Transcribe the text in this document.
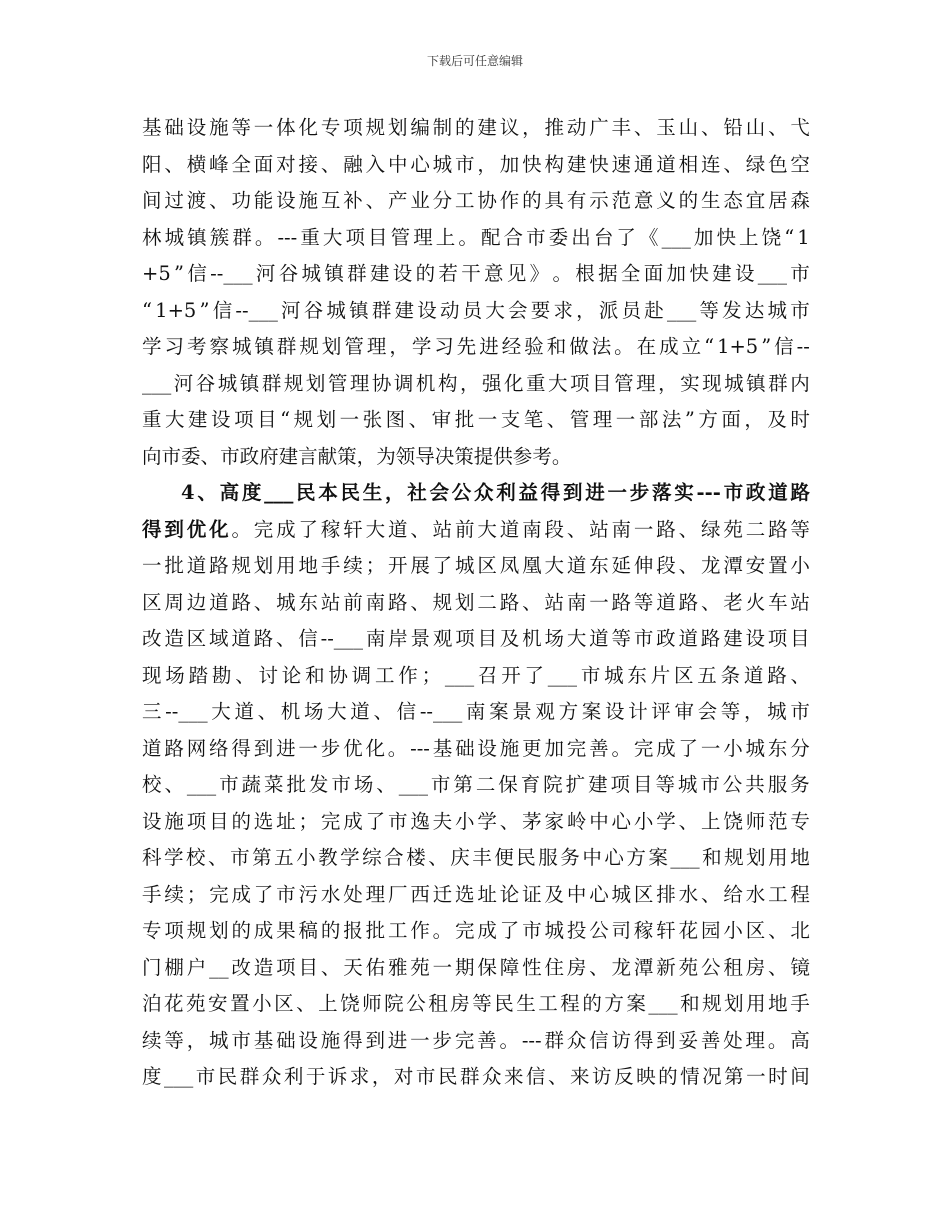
下载后可任意编辑
基 础 设 施 等 一 体 化 专 项 规 划 编 制 的 建 议 ， 推 动 广 丰 、 玉 山 、 铅 山 、 弋
阳 、 横 峰 全 面 对 接 、 融 入 中 心 城 市 ， 加 快 构 建 快 速 通 道 相 连 、 绿 色 空
间 过 渡 、 功 能 设 施 互 补 、 产 业 分 工 协 作 的 具 有 示 范 意 义 的 生 态 宜 居 森
林 城 镇 簇 群 。 --- 重 大 项 目 管 理 上 。 配 合 市 委 出 台 了 《 ___ 加 快 上 饶 “ 1
+5 ” 信 --___ 河 谷 城 镇 群 建 设 的 若 干 意 见 》 。 根 据 全 面 加 快 建 设 ___ 市
“ 1+5 ” 信 --___ 河 谷 城 镇 群 建 设 动 员 大 会 要 求 ， 派 员 赴 ___ 等 发 达 城 市
学 习 考 察 城 镇 群 规 划 管 理 ， 学 习 先 进 经 验 和 做 法 。 在 成 立 “ 1+5 ” 信 --
___ 河 谷 城 镇 群 规 划 管 理 协 调 机 构 ， 强 化 重 大 项 目 管 理 ， 实 现 城 镇 群 内
重 大 建 设 项 目 “ 规 划 一 张 图 、 审 批 一 支 笔 、 管 理 一 部 法 ” 方 面 ， 及 时
向 市 委 、 市 政 府 建 言 献 策 ， 为 领 导 决 策 提 供 参 考 。
4 、 高 度 ___ 民 本 民 生 ， 社 会 公 众 利 益 得 到 进 一 步 落 实 --- 市 政 道 路
得 到 优 化 。 完 成 了 稼 轩 大 道 、 站 前 大 道 南 段 、 站 南 一 路 、 绿 苑 二 路 等
一 批 道 路 规 划 用 地 手 续 ； 开 展 了 城 区 凤 凰 大 道 东 延 伸 段 、 龙 潭 安 置 小
区 周 边 道 路 、 城 东 站 前 南 路 、 规 划 二 路 、 站 南 一 路 等 道 路 、 老 火 车 站
改 造 区 域 道 路 、 信 --___ 南 岸 景 观 项 目 及 机 场 大 道 等 市 政 道 路 建 设 项 目
现 场 踏 勘 、 讨 论 和 协 调 工 作 ； ___ 召 开 了 ___ 市 城 东 片 区 五 条 道 路 、
三 --___ 大 道 、 机 场 大 道 、 信 --___ 南 案 景 观 方 案 设 计 评 审 会 等 ， 城 市
道 路 网 络 得 到 进 一 步 优 化 。 --- 基 础 设 施 更 加 完 善 。 完 成 了 一 小 城 东 分
校 、 ___ 市 蔬 菜 批 发 市 场 、 ___ 市 第 二 保 育 院 扩 建 项 目 等 城 市 公 共 服 务
设 施 项 目 的 选 址 ； 完 成 了 市 逸 夫 小 学 、 茅 家 岭 中 心 小 学 、 上 饶 师 范 专
科 学 校 、 市 第 五 小 教 学 综 合 楼 、 庆 丰 便 民 服 务 中 心 方 案 ___ 和 规 划 用 地
手 续 ； 完 成 了 市 污 水 处 理 厂 西 迁 选 址 论 证 及 中 心 城 区 排 水 、 给 水 工 程
专 项 规 划 的 成 果 稿 的 报 批 工 作 。 完 成 了 市 城 投 公 司 稼 轩 花 园 小 区 、 北
门 棚 户 __ 改 造 项 目 、 天 佑 雅 苑 一 期 保 障 性 住 房 、 龙 潭 新 苑 公 租 房 、 镜
泊 花 苑 安 置 小 区 、 上 饶 师 院 公 租 房 等 民 生 工 程 的 方 案 ___ 和 规 划 用 地 手
续 等 ， 城 市 基 础 设 施 得 到 进 一 步 完 善 。 --- 群 众 信 访 得 到 妥 善 处 理 。 高
度 ___ 市 民 群 众 利 于 诉 求 ， 对 市 民 群 众 来 信 、 来 访 反 映 的 情 况 第 一 时 间
